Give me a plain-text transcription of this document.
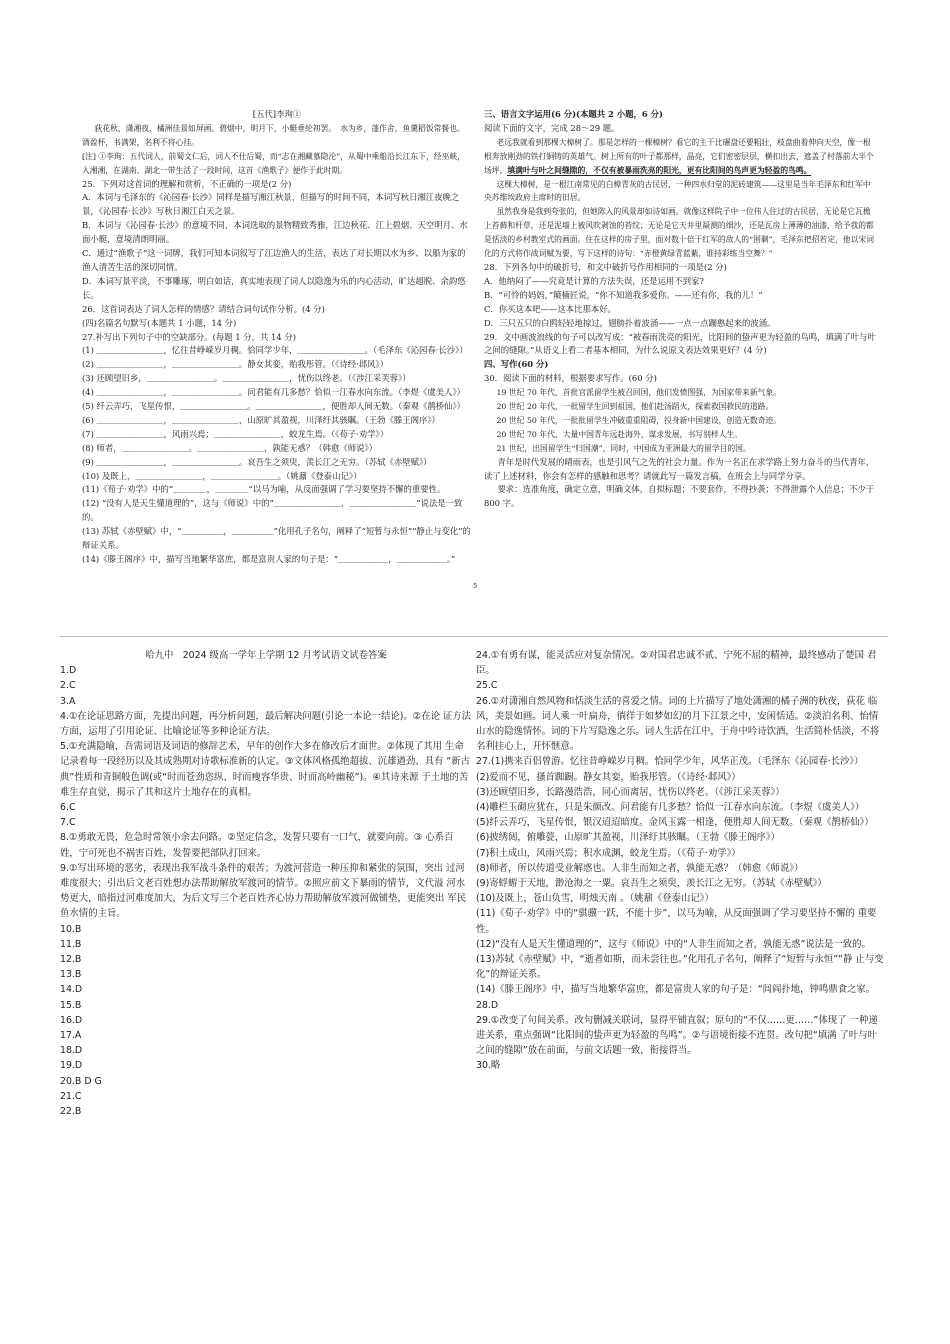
[五代]李珣①

荻花秋，潇湘夜，橘洲佳景如屏画。碧烟中，明月下，小艇垂纶初罢。　水为乡，蓬作舍，鱼羹稻饭常餐也。酒盈杯，书满架，名利不将心挂。

[注] ①李珣：五代词人，前蜀文仁后，词人不仕后蜀，而“志在湘藏慕隐沦”，从蜀中乘船沿长江东下，经巫峡，入湘湘，在湖南、湖北一带生活了一段时间，这首《渔歌子》便作于此时期。

25．下列对这首词的理解和赏析，不正确的一项是(2 分)

A．本词与毛泽东的《沁园春·长沙》同样是描写湘江秋景，但描写的时间不同，本词写秋日湘江夜晚之景，《沁园春·长沙》写秋日湘江白天之景。

B．本词与《沁园春·长沙》的意境不同，本词选取的景物精致秀雅，江边秋花、江上碧烟、天空明月、水面小艇，意境清朗明丽。

C．通过“渔歌子”这一词牌，我们可知本词叙写了江边渔人的生活，表达了对长期以水为乡、以船为家的渔人清苦生活的深切同情。

D．本词写景平淡，不事雕琢，明白如话，真实地表现了词人以隐逸为乐的内心活动，旷达超脱、余韵悠长。

26．这首词表达了词人怎样的情感？请结合词句试作分析。(4 分)

(四)名篇名句默写(本题共 1 小题，14 分)

27.补写出下列句子中的空缺部分。(每题 1 分，共 14 分)

(1) ＿＿＿＿＿＿＿＿，忆往昔峥嵘岁月稠。恰同学少年，＿＿＿＿＿＿＿＿。（毛泽东《沁园春·长沙》）

(2) ＿＿＿＿＿＿＿＿，＿＿＿＿＿＿＿＿。静女其娈，贻我彤管。（《诗经·邶风》）

(3) 还顾望旧乡，＿＿＿＿＿＿＿＿。＿＿＿＿＿＿＿＿，忧伤以终老。（《涉江采芙蓉》）

(4) ＿＿＿＿＿＿＿＿，＿＿＿＿＿＿＿＿。问君能有几多愁？恰似一江春水向东流。（李煜《虞美人》）

(5) 纤云弄巧，飞星传恨，＿＿＿＿＿＿＿＿。＿＿＿＿＿＿＿＿，便胜却人间无数。（秦观《鹊桥仙》）

(6) ＿＿＿＿＿＿＿＿，＿＿＿＿＿＿＿＿，山原旷其盈视，川泽纡其骇瞩。（王勃《滕王阁序》）

(7) ＿＿＿＿＿＿＿＿，风雨兴焉；＿＿＿＿＿＿＿＿，蛟龙生焉。（《荀子·劝学》）

(8) 师者，＿＿＿＿＿＿＿＿。＿＿＿＿＿＿＿＿，孰能无惑？（韩愈《师说》）

(9) ＿＿＿＿＿＿＿＿，＿＿＿＿＿＿＿＿。哀吾生之须臾，羡长江之无穷。（苏轼《赤壁赋》）

(10) 及既上，＿＿＿＿＿＿＿＿，＿＿＿＿＿＿＿＿。（姚鼐《登泰山记》）

(11)《荀子·劝学》中的“＿＿＿＿，＿＿＿＿”以马为喻，从反面强调了学习要坚持不懈的重要性。

(12) “没有人是天生懂道理的”，这与《师说》中的“＿＿＿＿＿＿＿＿，＿＿＿＿＿＿＿＿”说法是一致的。

(13) 苏轼《赤壁赋》中，“＿＿＿＿＿，＿＿＿＿＿”化用孔子名句，阐释了“短暂与永恒”“静止与变化”的辩证关系。

(14)《滕王阁序》中，描写当地繁华富庶，都是富贵人家的句子是：“＿＿＿＿＿＿，＿＿＿＿＿＿。”

三、语言文字运用(6 分)(本题共 2 小题，6 分)

阅读下面的文字，完成 28～29 题。

老远我就看到那棵大樟树了。那是怎样的一棵樟树？看它的主干比碾盘还要粗壮，枝盘曲着伸向天空，像一根根奔放刚劲的铁打铜铸的英雄气。树上所有的叶子都那样，晶亮，它们密密层层，横扣出去，遮盖了村落前大半个场坪，填满叶与叶之间缝隙的，不仅有被暴雨洗亮的阳光，更有比阳间的鸟声更为轻盈的鸟鸣。

这棵大樟树，是一根江南常见的白樟青灰的古民居，一种四水归堂的泥砖建筑——这里是当年毛泽东和红军中央苏维埃政府主席时的旧居。

虽然我身是我到夸张的，但她陈入的风景却如诗如画。就像这样院子中一位伟人住过的古民居，无论是它瓦檐上苔藓和杆草，还是泥墙上被风吹剥蚀的苔纹；无论是它天井里凝测的细沙，还是瓦房上薄薄的油漆，给予我的都是恬淡的乡村教室式的画面。住在这样的房子里，面对数十倍于红军的敌人的“围剿”，毛泽东把招若定，他以宋词化的方式将作战词赋为要，写下这样的诗句：“赤橙黄绿青蓝紫，谁持彩练当空舞？”

28．下列各句中的破折号，和文中破折号作用相同的一项是(2 分)

A．他纳闷了——究竟是计算的方法失误，还是运用不到家?

B．“可怜的妈妈，”簸楠匠说，“你不知道我多爱你。——还有你，我的儿！”

C．你买这本吧——这本比那本好。

D．三只五只的白鸥轻轻地掠过，翅膀扑着波涌——一点一点蹦憨起来的波涌。

29．文中画波浪线的句子可以改写成：“被春雨洗亮的阳光，比阳间的蛰声更为轻盈的鸟鸣，填满了叶与叶之间的缝隙。”从语义上看二者基本相同，为什么说原文表达效果更好？(4 分)

四、写作(60 分)

30．阅读下面的材料，根据要求写作。(60 分)

19 世纪 70 年代，首批官派留学生被召回国，他们发愤图强，为国家带来新气象。

20 世纪 20 年代，一批留学生回到祖国，他们赴汤蹈火，探索救国救民的道路。

20 世纪 50 年代，一批批留学生冲破重重阻碍，投身新中国建设，创造无数奇迹。

20 世纪 70 年代，大量中国青年远赴海外，谋求发展，书写别样人生。

21 世纪，出国留学生“归国潮”，同时，中国成为亚洲最大的留学目的国。

青年是时代发展的晴雨表，也是引风气之先的社会力量。作为一名正在求学路上努力奋斗的当代青年，读了上述材料，你会有怎样的感触和思考？请就此写一篇发言稿，在班会上与同学分享。

要求：选准角度，确定立意，明确文体，自拟标题；不要套作，不得抄袭；不得泄露个人信息；不少于 800 字。

5

哈九中　2024 级高一学年上学期 12 月考试语文试卷答案

1.D

2.C

3.A

4.①在论证思路方面，先提出问题，再分析问题，最后解决问题(引论一本论一结论)。②在论 证方法方面，运用了引用论证、比喻论证等多种论证方法。

5.①充满隐喻，吾需词语及词语的修辞艺术，早年的创作大多在修改后才面世。②体现了其用 生命记录着每一段经历以及其成熟期对诗歌标准新的认定。③文体风格孤绝超拔、沉雄遒劲、具有 “新古典”性质和青铜般色调(或“时而苍劲恣纵、时而瘦容华贵、时而高岭幽秘”)。④其诗来源 于土地的苦难生存直觉，揭示了其和这片土地存在的真相。

6.C

7.C

8.①勇敢无畏，危急时常领小余去问路。②坚定信念，发誓只要有一口气，就要向前。③ 心系百姓，宁可死也不祸害百姓，发誓要把部队打回来。

9.①写出环境的恶劣，表现出我军战斗条件的艰苦；为渡河营造一种压抑和紧张的氛围，突出 过河难度很大；引出后文老百姓想办法帮助解放军渡河的情节。②照应前文下暴雨的情节，文代溢 河水势更大，暗指过河难度加大，为后文写三个老百姓齐心协力帮助解放军渡河做铺垫，更能突出 军民鱼水情的主旨。

10.B

11.B

12.B

13.B

14.D

15.B

16.D

17.A

18.D

19.D

20.B D G

21.C

22.B

24.①有勇有谋，能灵活应对复杂情况。②对国君忠诚不贰、宁死不屈的精神，最终感动了楚国 君臣。

25.C

26.①对潇湘自然风物和恬淡生活的喜爱之情。词的上片描写了地处潇湘的橘子洲的秋夜，荻花 临风，美景如画。词人乘一叶扁舟，徜徉于如梦如幻的月下江景之中，安闲恬适。②淡泊名利、怡情山水的隐逸情怀。词的下片写隐逸之乐。词人生活在江中，于舟中吟诗饮酒，生活简朴恬淡，不将名利挂心上，开怀惬意。

27.(1)携来百侣曾游。忆往昔峥嵘岁月稠。恰同学少年，风华正茂。（毛泽东《沁园春·长沙》）

(2)爱而不见，搔首踟蹰。静女其娈，贻我彤管。（《诗经·邶风》）

(3)还顾望旧乡，长路漫浩浩，同心而离居，忧伤以终老。（《涉江采芙蓉》）

(4)雕栏玉砌应犹在，只是朱颜改。问君能有几多愁？恰似一江春水向东流。（李煜《虞美人》）

(5)纤云弄巧，飞星传恨，银汉迢迢暗度。金风玉露一相逢，便胜却人间无数。（秦观《鹊桥仙》）

(6)披绣闼，俯雕甍，山原旷其盈视，川泽纡其骇瞩。（王勃《滕王阁序》）

(7)积土成山，风雨兴焉；积水成渊，蛟龙生焉。（《荀子·劝学》）

(8)师者，所以传道受业解惑也。人非生而知之者，孰能无惑？（韩愈《师说》）

(9)寄蜉蝣于天地，渺沧海之一粟。哀吾生之须臾，羡长江之无穷。（苏轼《赤壁赋》）

(10)及既上，苍山负雪，明烛天南 。（姚鼐《登泰山记》）

(11)《荀子·劝学》中的“骐骥一跃，不能十步”，以马为喻，从反面强调了学习要坚持不懈的 重要性。

(12)“没有人是天生懂道理的”，这与《师说》中的“人非生而知之者，孰能无惑”说法是一致的。　(13)苏轼《赤壁赋》中，“逝者如斯，而未尝往也。”化用孔子名句，阐释了“短暂与永恒”“静 止与变化”的辩证关系。

(14)《滕王阁序》中，描写当地繁华富庶，都是富贵人家的句子是：“闾阎扑地，钟鸣鼎食之家。

28.D

29.①改变了句间关系。改句删减关联词，显得平铺直叙；原句的“不仅……更……”体现了 一种递进关系，重点强调“比阳间的蛰声更为轻盈的鸟鸣”。②与语境衔接不连贯。改句把“填满 了叶与叶之间的缝隙”放在前面，与前文话题一致，衔接得当。

30.略
